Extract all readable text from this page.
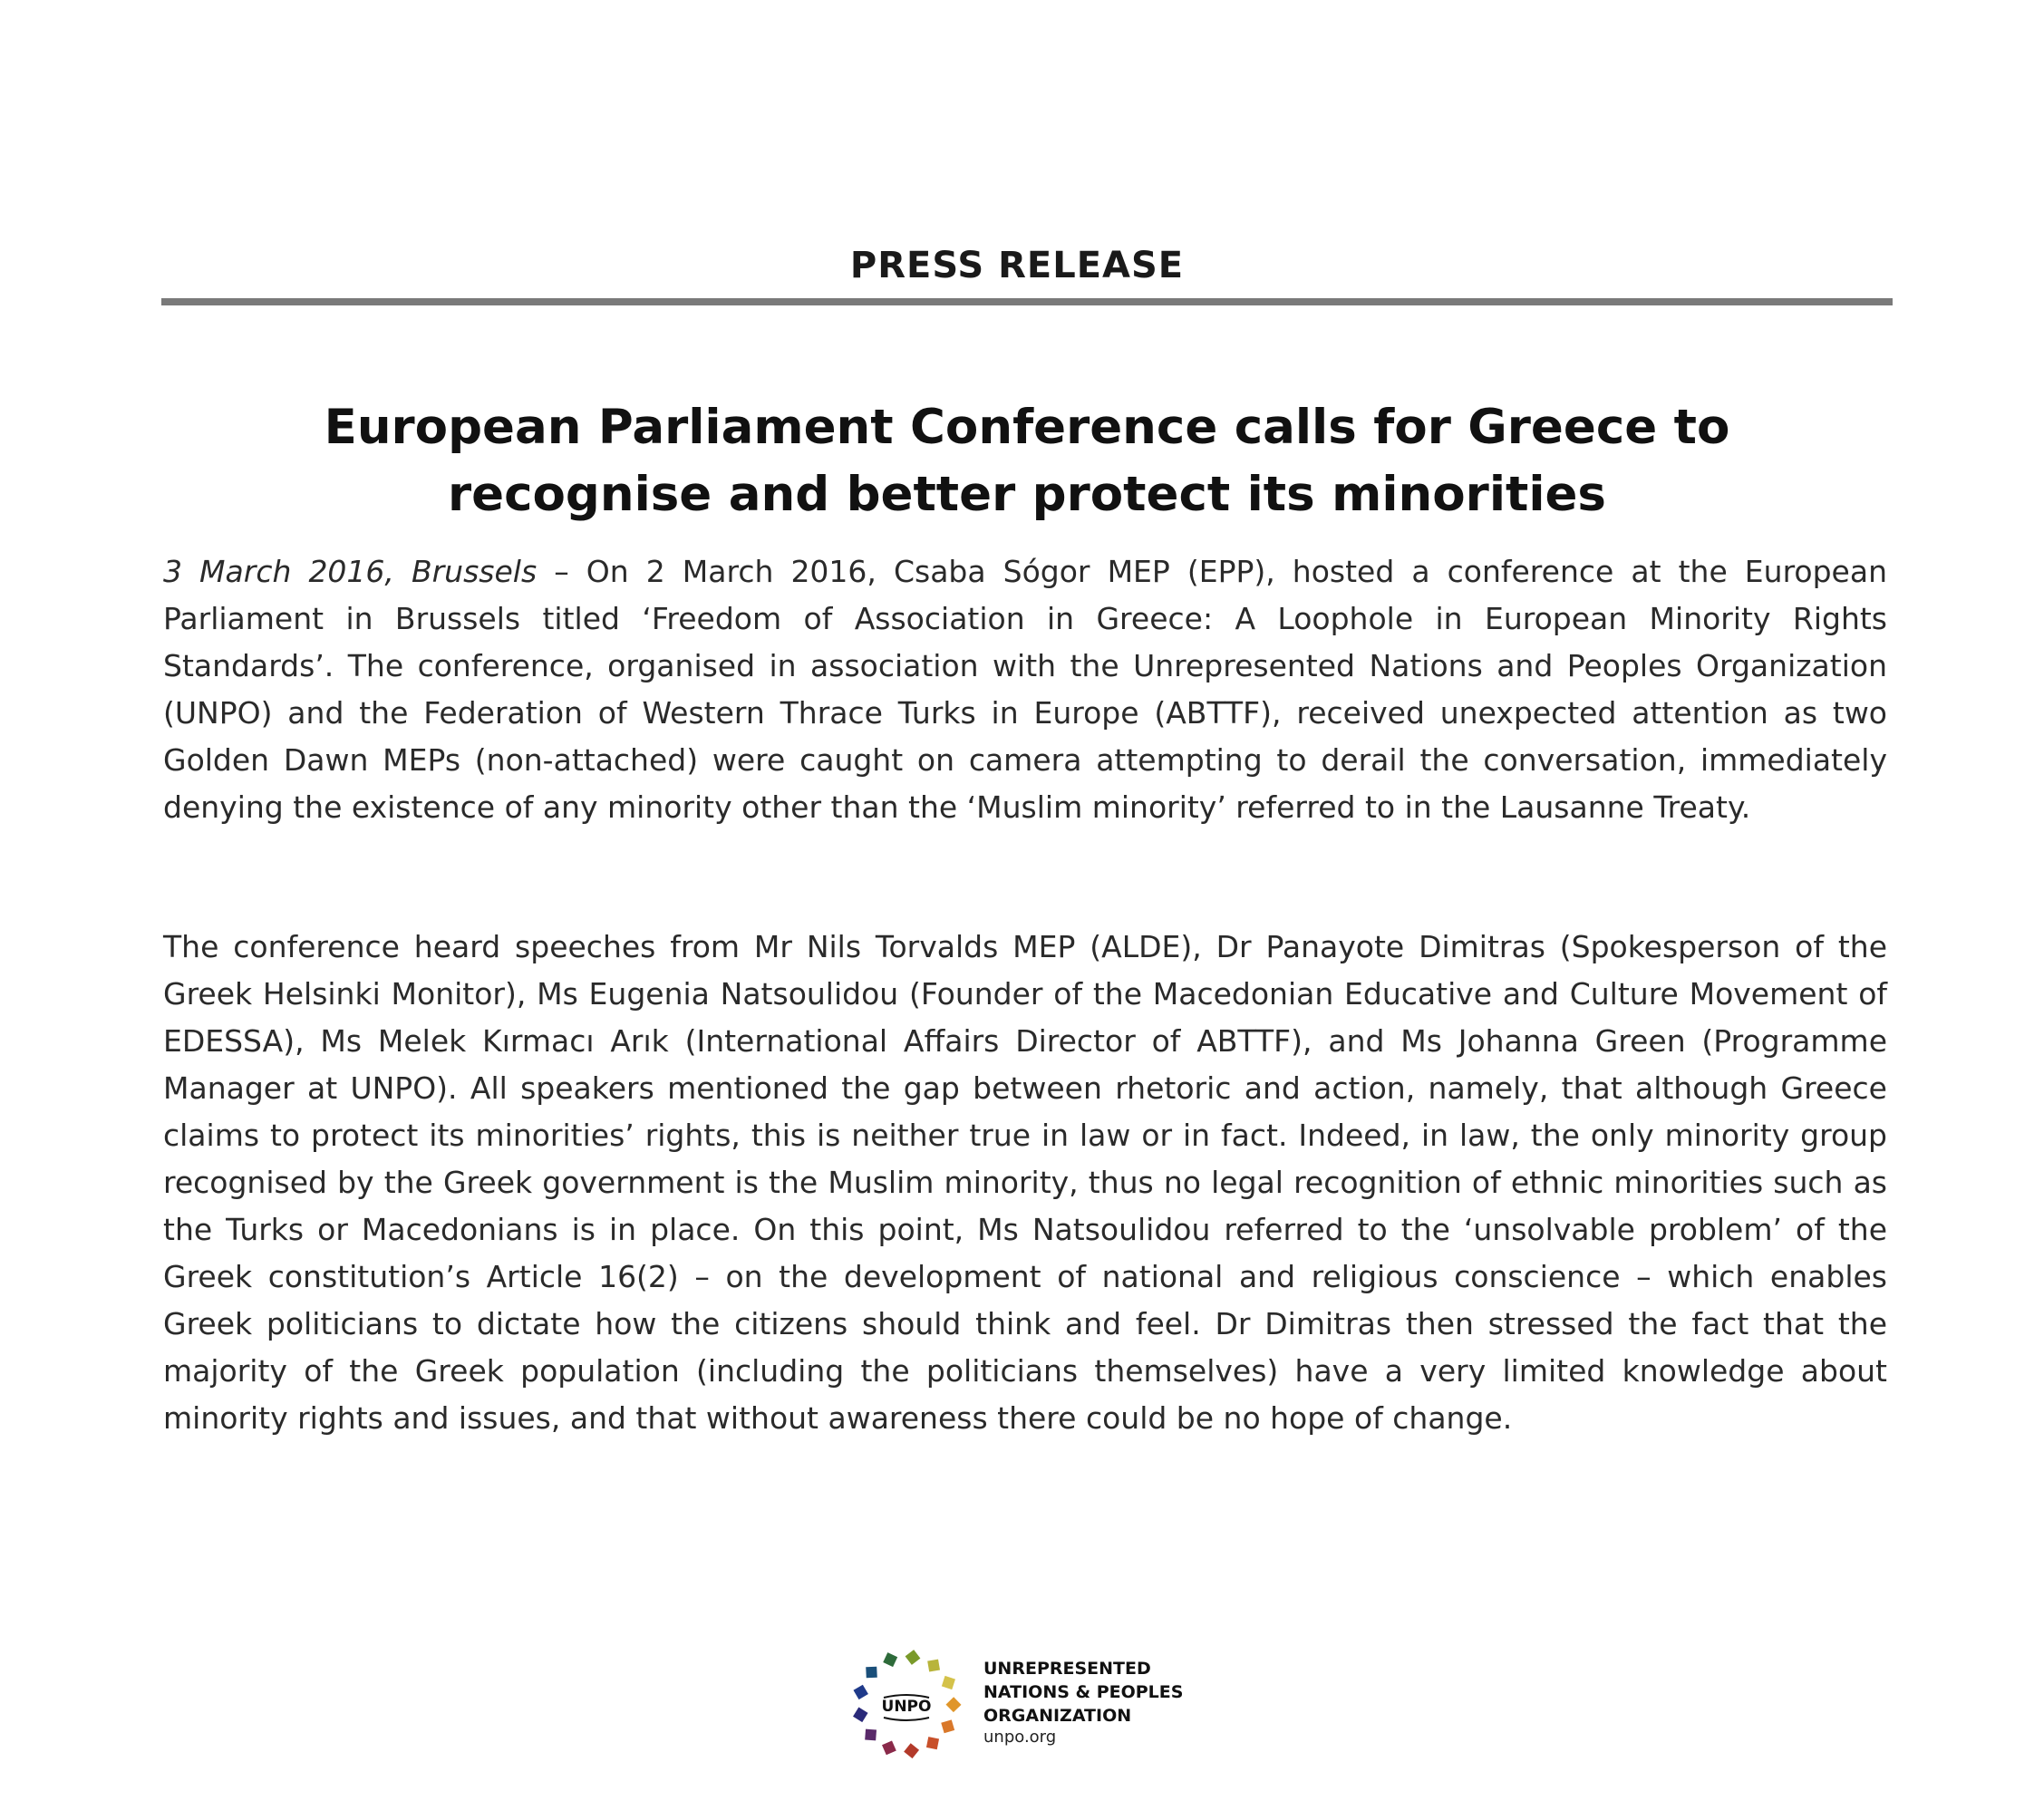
PRESS RELEASE
European Parliament Conference calls for Greece to
recognise and better protect its minorities

3 March 2016, Brussels – On 2 March 2016, Csaba Sógor MEP (EPP), hosted a conference at the European Parliament in Brussels titled ‘Freedom of Association in Greece: A Loophole in European Minority Rights Standards’. The conference, organised in association with the Unrepresented Nations and Peoples Organization (UNPO) and the Federation of Western Thrace Turks in Europe (ABTTF), received unexpected attention as two Golden Dawn MEPs (non-attached) were caught on camera attempting to derail the conversation, immediately denying the existence of any minority other than the ‘Muslim minority’ referred to in the Lausanne Treaty.

The conference heard speeches from Mr Nils Torvalds MEP (ALDE), Dr Panayote Dimitras (Spokesperson of the Greek Helsinki Monitor), Ms Eugenia Natsoulidou (Founder of the Macedonian Educative and Culture Movement of EDESSA), Ms Melek Kırmacı Arık (International Affairs Director of ABTTF), and Ms Johanna Green (Programme Manager at UNPO). All speakers mentioned the gap between rhetoric and action, namely, that although Greece claims to protect its minorities’ rights, this is neither true in law or in fact. Indeed, in law, the only minority group recognised by the Greek government is the Muslim minority, thus no legal recognition of ethnic minorities such as the Turks or Macedonians is in place. On this point, Ms Natsoulidou referred to the ‘unsolvable problem’ of the Greek constitution’s Article 16(2) – on the development of national and religious conscience – which enables Greek politicians to dictate how the citizens should think and feel. Dr Dimitras then stressed the fact that the majority of the Greek population (including the politicians themselves) have a very limited knowledge about minority rights and issues, and that without awareness there could be no hope of change.

UNPO
UNREPRESENTED
NATIONS & PEOPLES
ORGANIZATION
unpo.org
